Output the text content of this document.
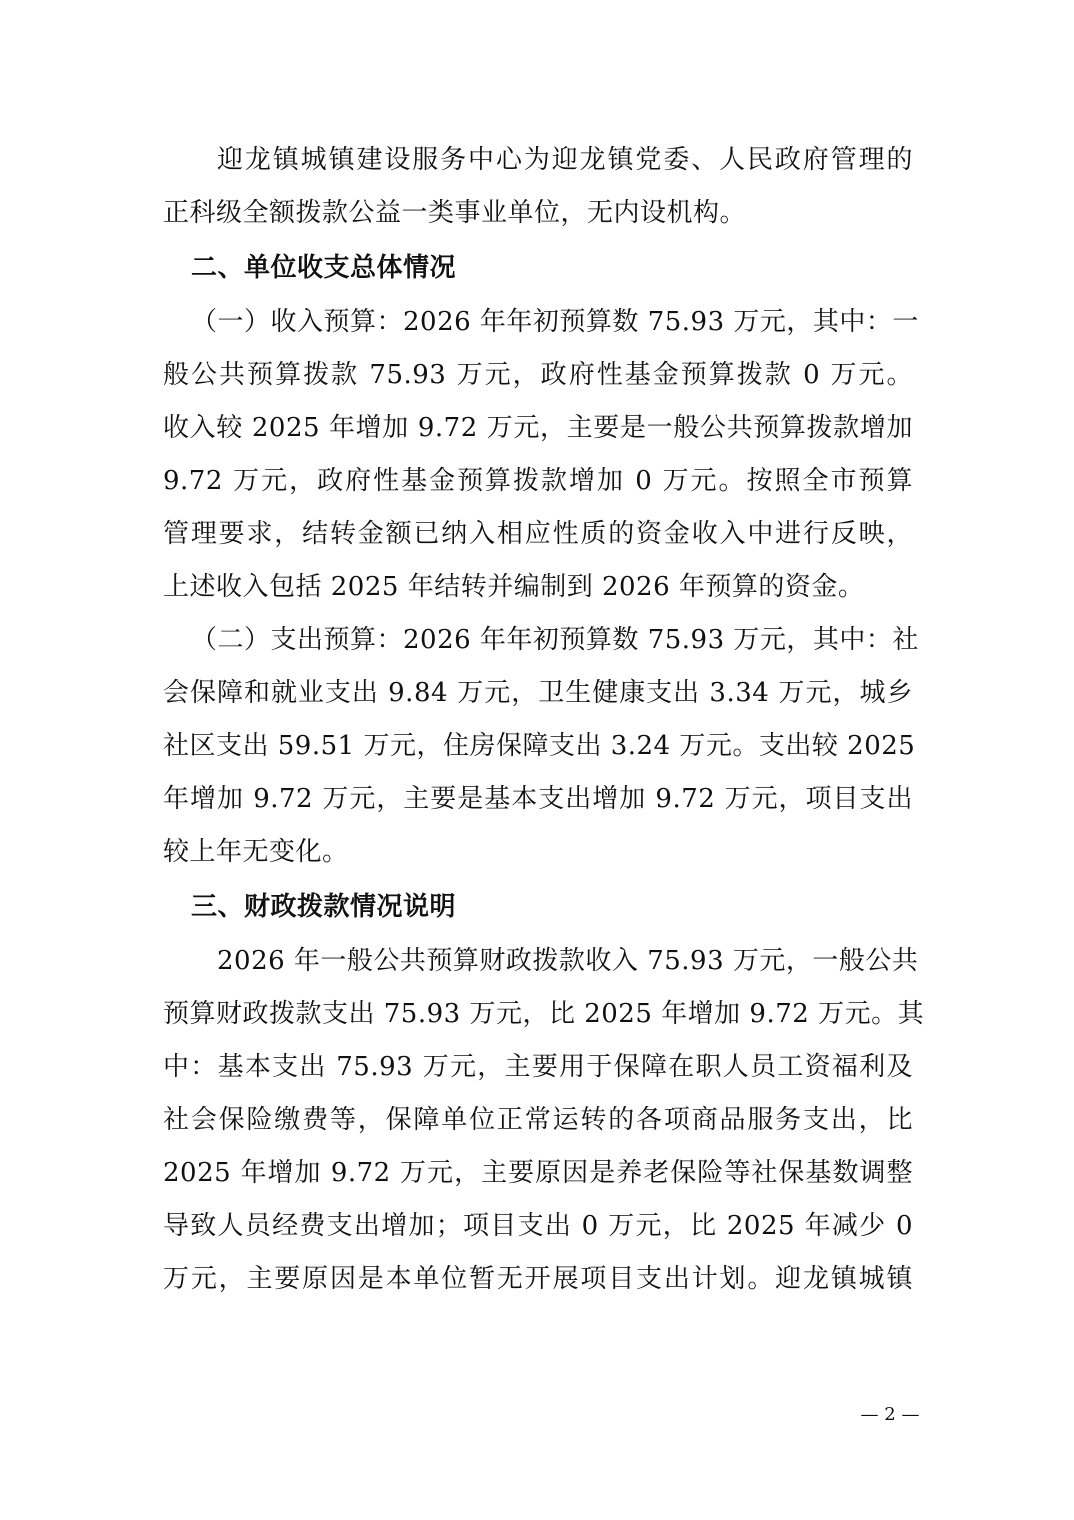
迎龙镇城镇建设服务中心为迎龙镇党委、人民政府管理的
正科级全额拨款公益一类事业单位，无内设机构。
二、单位收支总体情况
（一）收入预算：2026 年年初预算数 75.93 万元，其中：一
般公共预算拨款 75.93 万元，政府性基金预算拨款 0 万元。
收入较 2025 年增加 9.72 万元，主要是一般公共预算拨款增加
9.72 万元，政府性基金预算拨款增加 0 万元。按照全市预算
管理要求，结转金额已纳入相应性质的资金收入中进行反映，
上述收入包括 2025 年结转并编制到 2026 年预算的资金。
（二）支出预算：2026 年年初预算数 75.93 万元，其中：社
会保障和就业支出 9.84 万元，卫生健康支出 3.34 万元，城乡
社区支出 59.51 万元，住房保障支出 3.24 万元。支出较 2025
年增加 9.72 万元，主要是基本支出增加 9.72 万元，项目支出
较上年无变化。
三、财政拨款情况说明
2026 年一般公共预算财政拨款收入 75.93 万元，一般公共
预算财政拨款支出 75.93 万元，比 2025 年增加 9.72 万元。其
中：基本支出 75.93 万元，主要用于保障在职人员工资福利及
社会保险缴费等，保障单位正常运转的各项商品服务支出，比
2025 年增加 9.72 万元，主要原因是养老保险等社保基数调整
导致人员经费支出增加；项目支出 0 万元，比 2025 年减少 0
万元，主要原因是本单位暂无开展项目支出计划。迎龙镇城镇
— 2 —
